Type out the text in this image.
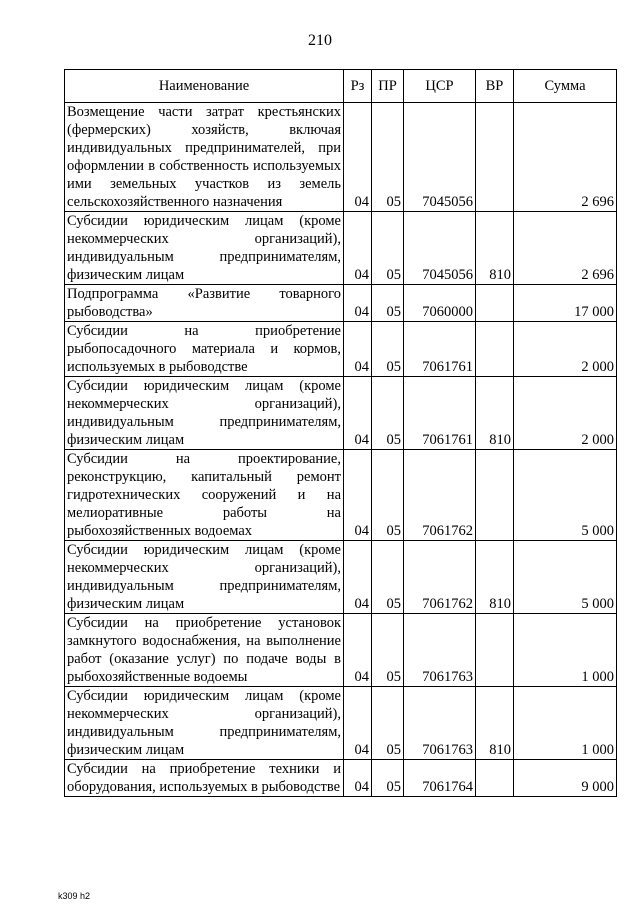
210
Наименование	Рз	ПР	ЦСР	ВР	Сумма
Возмещение части затрат крестьянских (фермерских) хозяйств, включая индивидуальных предпринимателей, при оформлении в собственность используемых ими земельных участков из земель сельскохозяйственного назначения	04	05	7045056		2 696
Субсидии юридическим лицам (кроме некоммерческих организаций), индивидуальным предпринимателям, физическим лицам	04	05	7045056	810	2 696
Подпрограмма «Развитие товарного рыбоводства»	04	05	7060000		17 000
Субсидии на приобретение рыбопосадочного материала и кормов, используемых в рыбоводстве	04	05	7061761		2 000
Субсидии юридическим лицам (кроме некоммерческих организаций), индивидуальным предпринимателям, физическим лицам	04	05	7061761	810	2 000
Субсидии на проектирование, реконструкцию, капитальный ремонт гидротехнических сооружений и на мелиоративные работы на рыбохозяйственных водоемах	04	05	7061762		5 000
Субсидии юридическим лицам (кроме некоммерческих организаций), индивидуальным предпринимателям, физическим лицам	04	05	7061762	810	5 000
Субсидии на приобретение установок замкнутого водоснабжения, на выполнение работ (оказание услуг) по подаче воды в рыбохозяйственные водоемы	04	05	7061763		1 000
Субсидии юридическим лицам (кроме некоммерческих организаций), индивидуальным предпринимателям, физическим лицам	04	05	7061763	810	1 000
Субсидии на приобретение техники и оборудования, используемых в рыбоводстве	04	05	7061764		9 000
k309 h2
